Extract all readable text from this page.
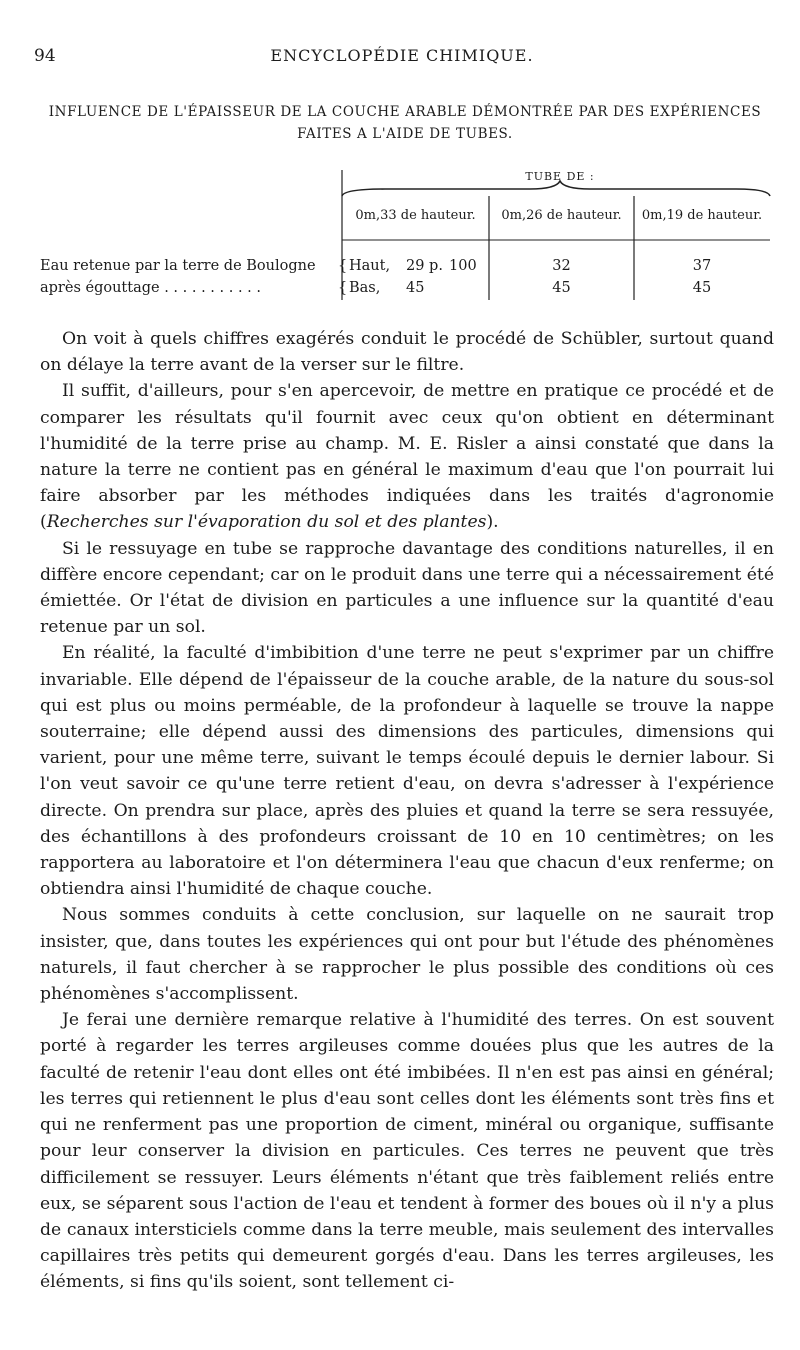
94	ENCYCLOPÉDIE CHIMIQUE.
INFLUENCE DE L'ÉPAISSEUR DE LA COUCHE ARABLE DÉMONTRÉE PAR DES EXPÉRIENCES
FAITES A L'AIDE DE TUBES.
TUBE DE :
0m,33 de hauteur.	0m,26 de hauteur.	0m,19 de hauteur.
Eau retenue par la terre de Boulogne
après égouttage . . . . . . . . . . .
{
{
Haut, 29 p. 100	32	37
Bas, 45	45	45

On voit à quels chiffres exagérés conduit le procédé de Schübler, surtout quand on délaye la terre avant de la verser sur le filtre.

Il suffit, d'ailleurs, pour s'en apercevoir, de mettre en pratique ce procédé et de comparer les résultats qu'il fournit avec ceux qu'on obtient en déterminant l'humidité de la terre prise au champ. M. E. Risler a ainsi constaté que dans la nature la terre ne contient pas en général le maximum d'eau que l'on pourrait lui faire absorber par les méthodes indiquées dans les traités d'agronomie (Recherches sur l'évaporation du sol et des plantes).

Si le ressuyage en tube se rapproche davantage des conditions naturelles, il en diffère encore cependant; car on le produit dans une terre qui a nécessairement été émiettée. Or l'état de division en particules a une influence sur la quantité d'eau retenue par un sol.

En réalité, la faculté d'imbibition d'une terre ne peut s'exprimer par un chiffre invariable. Elle dépend de l'épaisseur de la couche arable, de la nature du sous-sol qui est plus ou moins perméable, de la profondeur à laquelle se trouve la nappe souterraine; elle dépend aussi des dimensions des particules, dimensions qui varient, pour une même terre, suivant le temps écoulé depuis le dernier labour. Si l'on veut savoir ce qu'une terre retient d'eau, on devra s'adresser à l'expérience directe. On prendra sur place, après des pluies et quand la terre se sera ressuyée, des échantillons à des profondeurs croissant de 10 en 10 centimètres; on les rapportera au laboratoire et l'on déterminera l'eau que chacun d'eux renferme; on obtiendra ainsi l'humidité de chaque couche.

Nous sommes conduits à cette conclusion, sur laquelle on ne saurait trop insister, que, dans toutes les expériences qui ont pour but l'étude des phénomènes naturels, il faut chercher à se rapprocher le plus possible des conditions où ces phénomènes s'accomplissent.

Je ferai une dernière remarque relative à l'humidité des terres. On est souvent porté à regarder les terres argileuses comme douées plus que les autres de la faculté de retenir l'eau dont elles ont été imbibées. Il n'en est pas ainsi en général; les terres qui retiennent le plus d'eau sont celles dont les éléments sont très fins et qui ne renferment pas une proportion de ciment, minéral ou organique, suffisante pour leur conserver la division en particules. Ces terres ne peuvent que très difficilement se ressuyer. Leurs éléments n'étant que très faiblement reliés entre eux, se séparent sous l'action de l'eau et tendent à former des boues où il n'y a plus de canaux intersticiels comme dans la terre meuble, mais seulement des intervalles capillaires très petits qui demeurent gorgés d'eau. Dans les terres argileuses, les éléments, si fins qu'ils soient, sont tellement ci-
